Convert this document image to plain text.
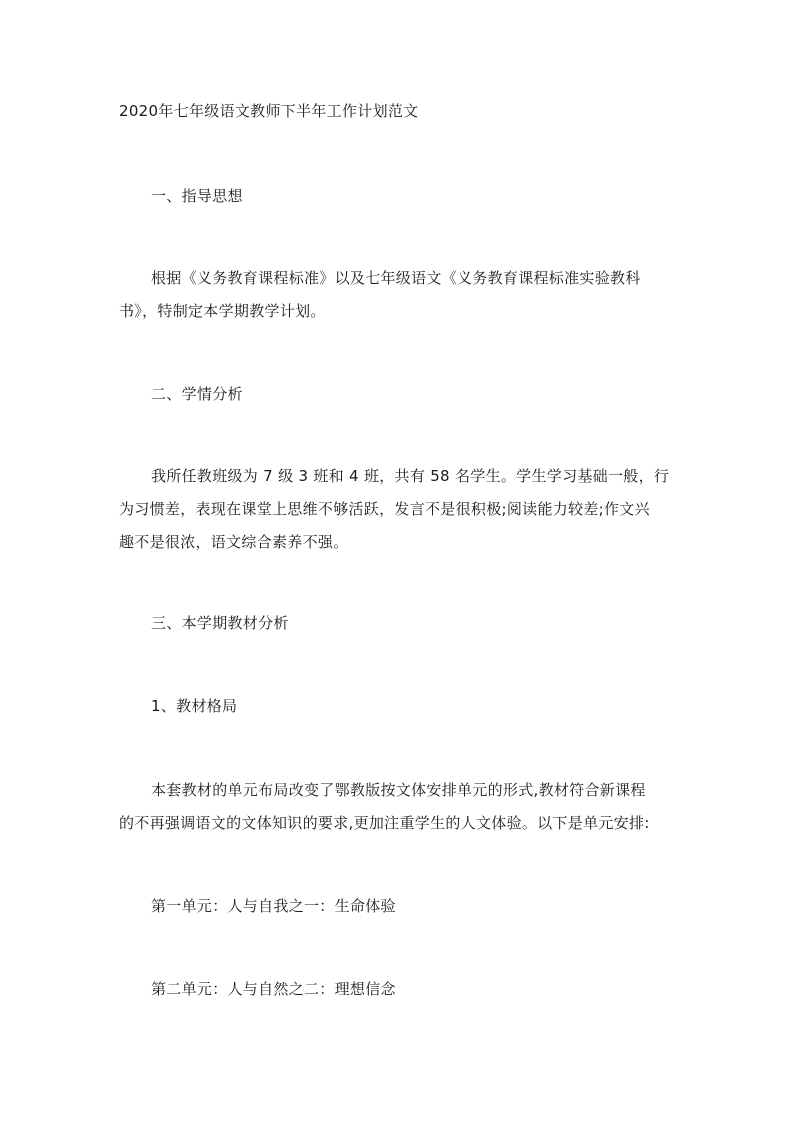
2020年七年级语文教师下半年工作计划范文
一、指导思想
根据《义务教育课程标准》以及七年级语文《义务教育课程标准实验教科
书》，特制定本学期教学计划。
二、学情分析
我所任教班级为 7 级 3 班和 4 班，共有 58 名学生。学生学习基础一般，行
为习惯差，表现在课堂上思维不够活跃，发言不是很积极;阅读能力较差;作文兴
趣不是很浓，语文综合素养不强。
三、本学期教材分析
1、教材格局
本套教材的单元布局改变了鄂教版按文体安排单元的形式,教材符合新课程
的不再强调语文的文体知识的要求,更加注重学生的人文体验。以下是单元安排:
第一单元：人与自我之一：生命体验
第二单元：人与自然之二：理想信念
